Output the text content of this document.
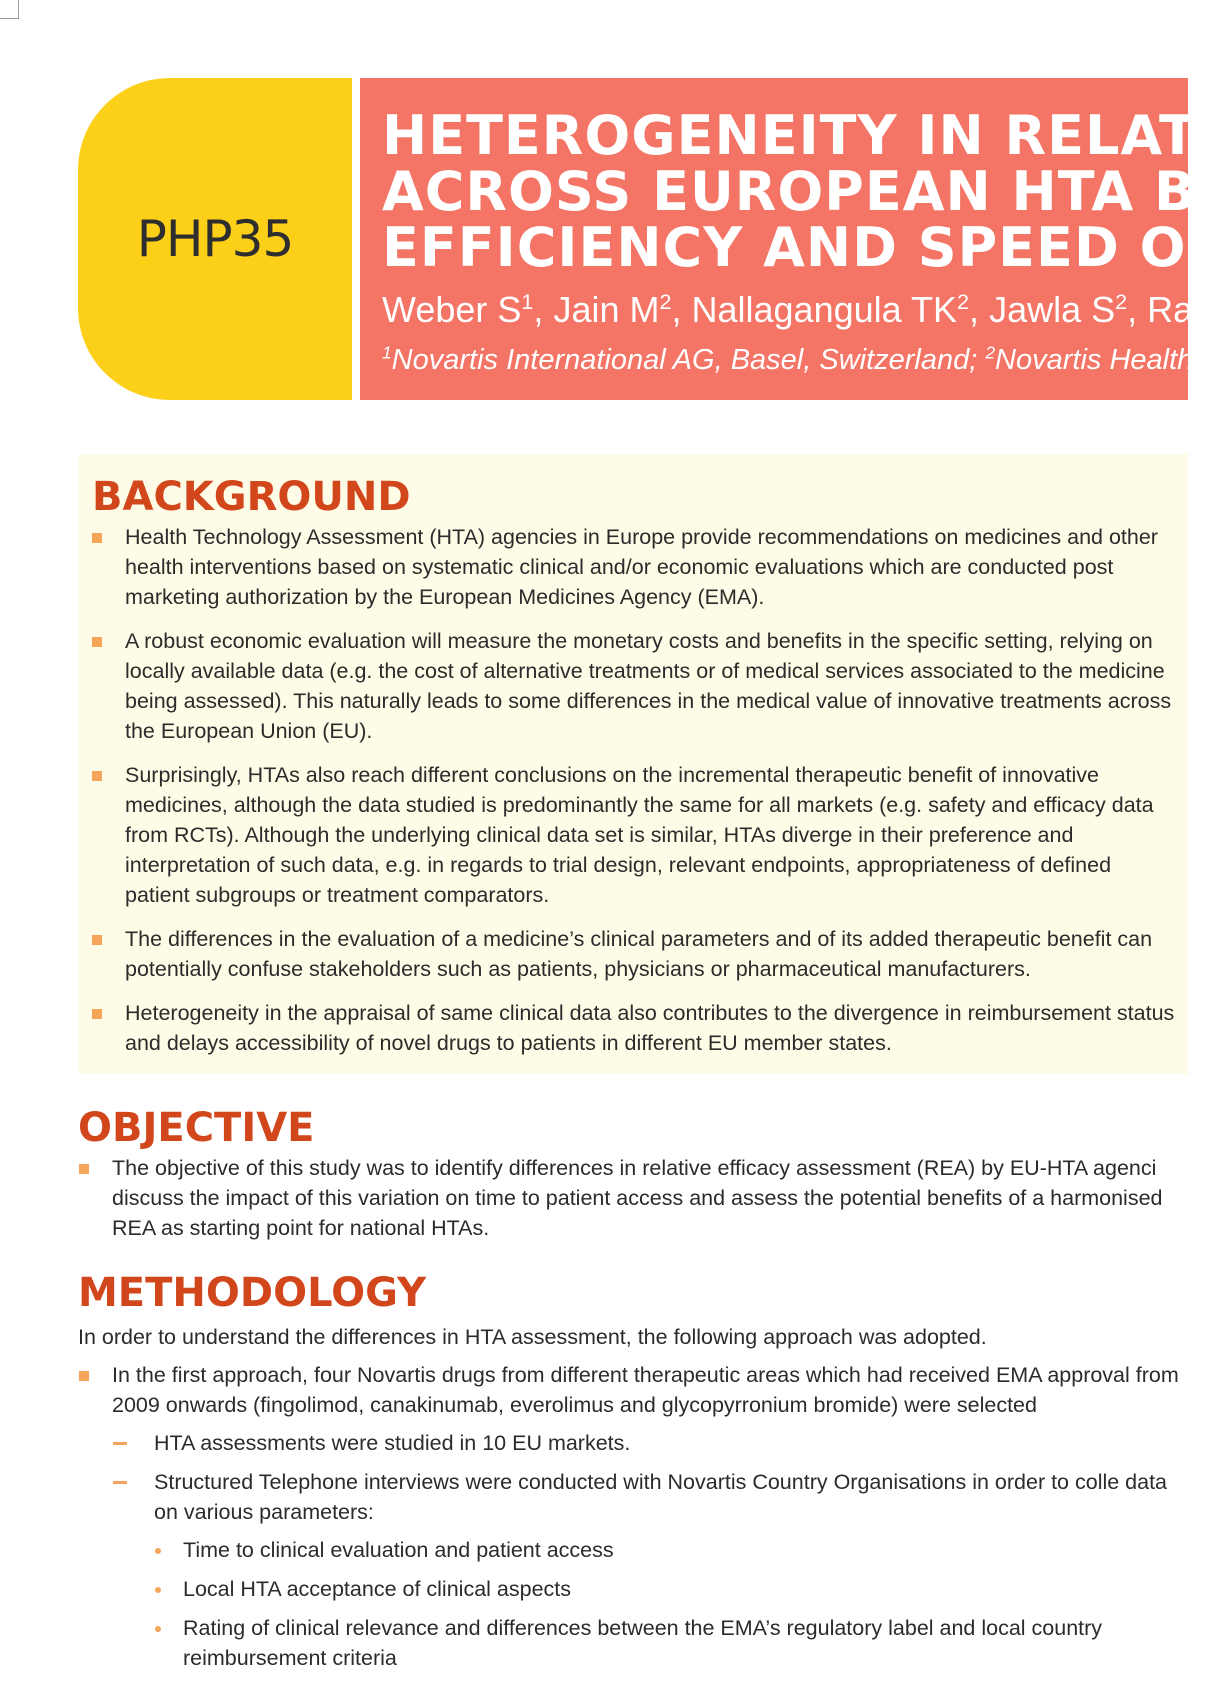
PHP35
HETEROGENEITY IN RELAT
ACROSS EUROPEAN HTA B
EFFICIENCY AND SPEED OF
Weber $S^1$, Jain $M^2$, Nallagangula $TK^2$, Jawla $S^2$, Rai
$^1$Novartis International AG, Basel, Switzerland; $^2$Novartis Healtho
BACKGROUND
Health Technology Assessment (HTA) agencies in Europe provide recommendations on medicines and other health interventions based on systematic clinical and/or economic evaluations which are conducted post marketing authorization by the European Medicines Agency (EMA).
A robust economic evaluation will measure the monetary costs and benefits in the specific setting, relying on locally available data (e.g. the cost of alternative treatments or of medical services associated to the medicine being assessed). This naturally leads to some differences in the medical value of innovative treatments across the European Union (EU).
Surprisingly, HTAs also reach different conclusions on the incremental therapeutic benefit of innovative medicines, although the data studied is predominantly the same for all markets (e.g. safety and efficacy data from RCTs). Although the underlying clinical data set is similar, HTAs diverge in their preference and interpretation of such data, e.g. in regards to trial design, relevant endpoints, appropriateness of defined patient subgroups or treatment comparators.
The differences in the evaluation of a medicine’s clinical parameters and of its added therapeutic benefit can potentially confuse stakeholders such as patients, physicians or pharmaceutical manufacturers.
Heterogeneity in the appraisal of same clinical data also contributes to the divergence in reimbursement status and delays accessibility of novel drugs to patients in different EU member states.
OBJECTIVE
The objective of this study was to identify differences in relative efficacy assessment (REA) by EU-HTA agenci discuss the impact of this variation on time to patient access and assess the potential benefits of a harmonised REA as starting point for national HTAs.
METHODOLOGY
In order to understand the differences in HTA assessment, the following approach was adopted.
In the first approach, four Novartis drugs from different therapeutic areas which had received EMA approval from 2009 onwards (fingolimod, canakinumab, everolimus and glycopyrronium bromide) were selected
HTA assessments were studied in 10 EU markets.
Structured Telephone interviews were conducted with Novartis Country Organisations in order to colle data on various parameters:
Time to clinical evaluation and patient access
Local HTA acceptance of clinical aspects
Rating of clinical relevance and differences between the EMA’s regulatory label and local country reimbursement criteria
